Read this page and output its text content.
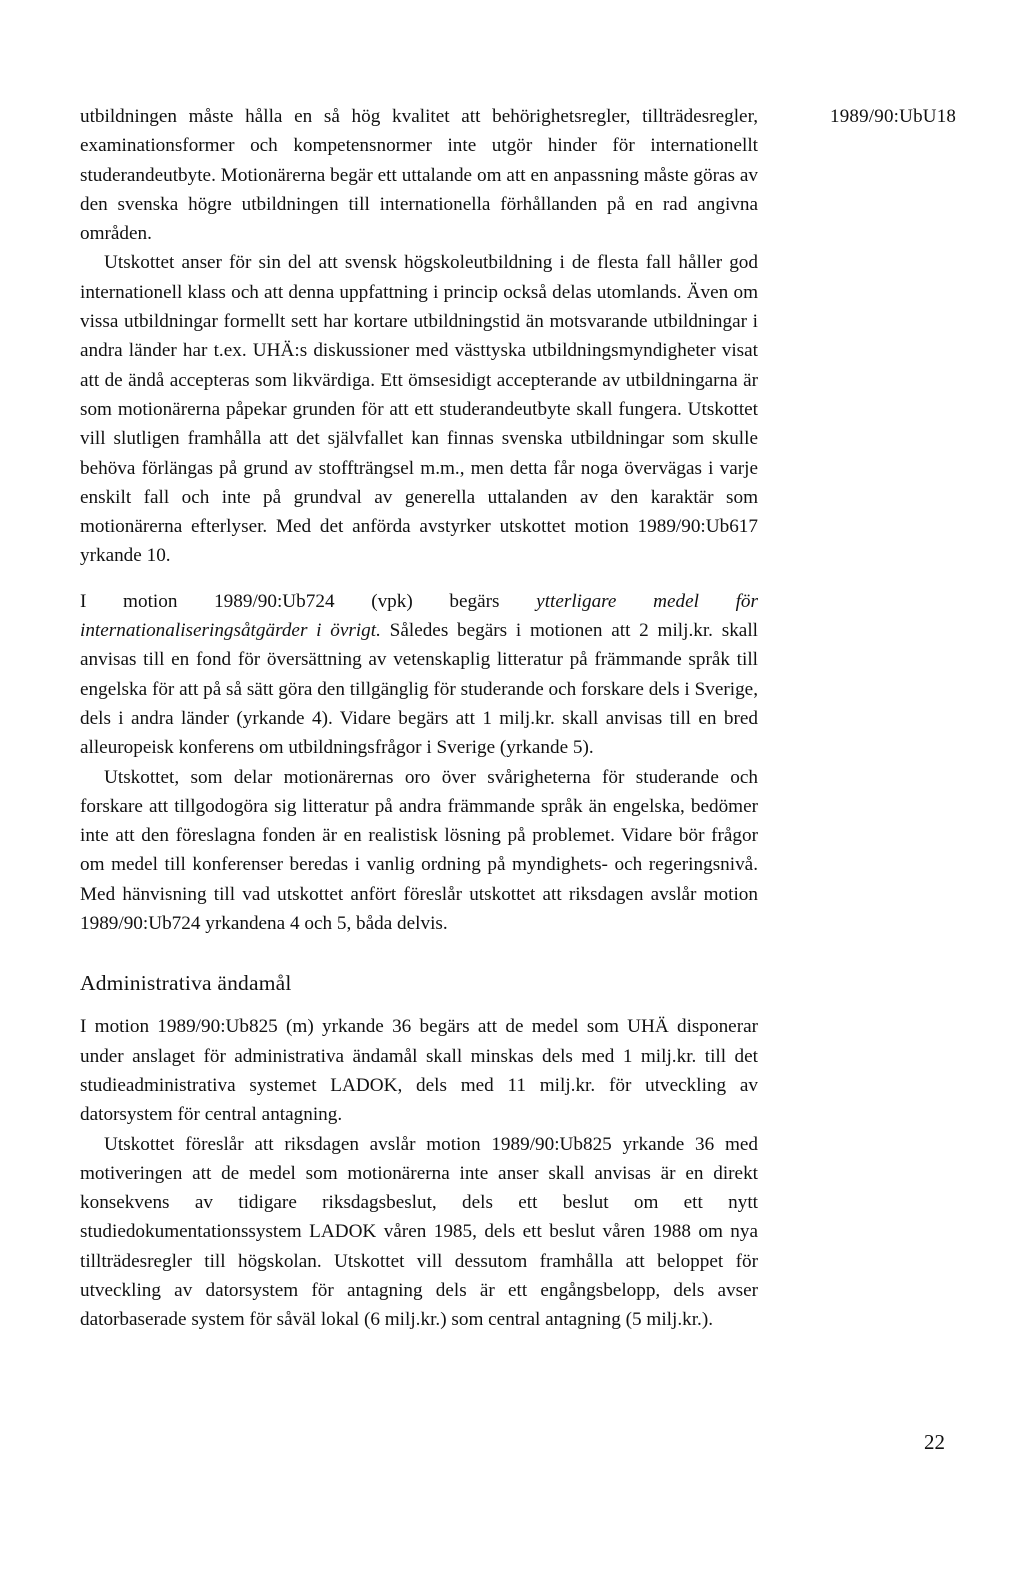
1989/90:UbU18

utbildningen måste hålla en så hög kvalitet att behörighetsregler, tillträdesregler, examinationsformer och kompetensnormer inte utgör hinder för internationellt studerandeutbyte. Motionärerna begär ett uttalande om att en anpassning måste göras av den svenska högre utbildningen till internationella förhållanden på en rad angivna områden.

Utskottet anser för sin del att svensk högskoleutbildning i de flesta fall håller god internationell klass och att denna uppfattning i princip också delas utomlands. Även om vissa utbildningar formellt sett har kortare utbildningstid än motsvarande utbildningar i andra länder har t.ex. UHÄ:s diskussioner med västtyska utbildningsmyndigheter visat att de ändå accepteras som likvärdiga. Ett ömsesidigt accepterande av utbildningarna är som motionärerna påpekar grunden för att ett studerandeutbyte skall fungera. Utskottet vill slutligen framhålla att det självfallet kan finnas svenska utbildningar som skulle behöva förlängas på grund av stoffträngsel m.m., men detta får noga övervägas i varje enskilt fall och inte på grundval av generella uttalanden av den karaktär som motionärerna efterlyser. Med det anförda avstyrker utskottet motion 1989/90:Ub617 yrkande 10.

I motion 1989/90:Ub724 (vpk) begärs ytterligare medel för internationaliseringsåtgärder i övrigt. Således begärs i motionen att 2 milj.kr. skall anvisas till en fond för översättning av vetenskaplig litteratur på främmande språk till engelska för att på så sätt göra den tillgänglig för studerande och forskare dels i Sverige, dels i andra länder (yrkande 4). Vidare begärs att 1 milj.kr. skall anvisas till en bred alleuropeisk konferens om utbildningsfrågor i Sverige (yrkande 5).

Utskottet, som delar motionärernas oro över svårigheterna för studerande och forskare att tillgodogöra sig litteratur på andra främmande språk än engelska, bedömer inte att den föreslagna fonden är en realistisk lösning på problemet. Vidare bör frågor om medel till konferenser beredas i vanlig ordning på myndighets- och regeringsnivå. Med hänvisning till vad utskottet anfört föreslår utskottet att riksdagen avslår motion 1989/90:Ub724 yrkandena 4 och 5, båda delvis.

Administrativa ändamål

I motion 1989/90:Ub825 (m) yrkande 36 begärs att de medel som UHÄ disponerar under anslaget för administrativa ändamål skall minskas dels med 1 milj.kr. till det studieadministrativa systemet LADOK, dels med 11 milj.kr. för utveckling av datorsystem för central antagning.

Utskottet föreslår att riksdagen avslår motion 1989/90:Ub825 yrkande 36 med motiveringen att de medel som motionärerna inte anser skall anvisas är en direkt konsekvens av tidigare riksdagsbeslut, dels ett beslut om ett nytt studiedokumentationssystem LADOK våren 1985, dels ett beslut våren 1988 om nya tillträdesregler till högskolan. Utskottet vill dessutom framhålla att beloppet för utveckling av datorsystem för antagning dels är ett engångsbelopp, dels avser datorbaserade system för såväl lokal (6 milj.kr.) som central antagning (5 milj.kr.).

22
